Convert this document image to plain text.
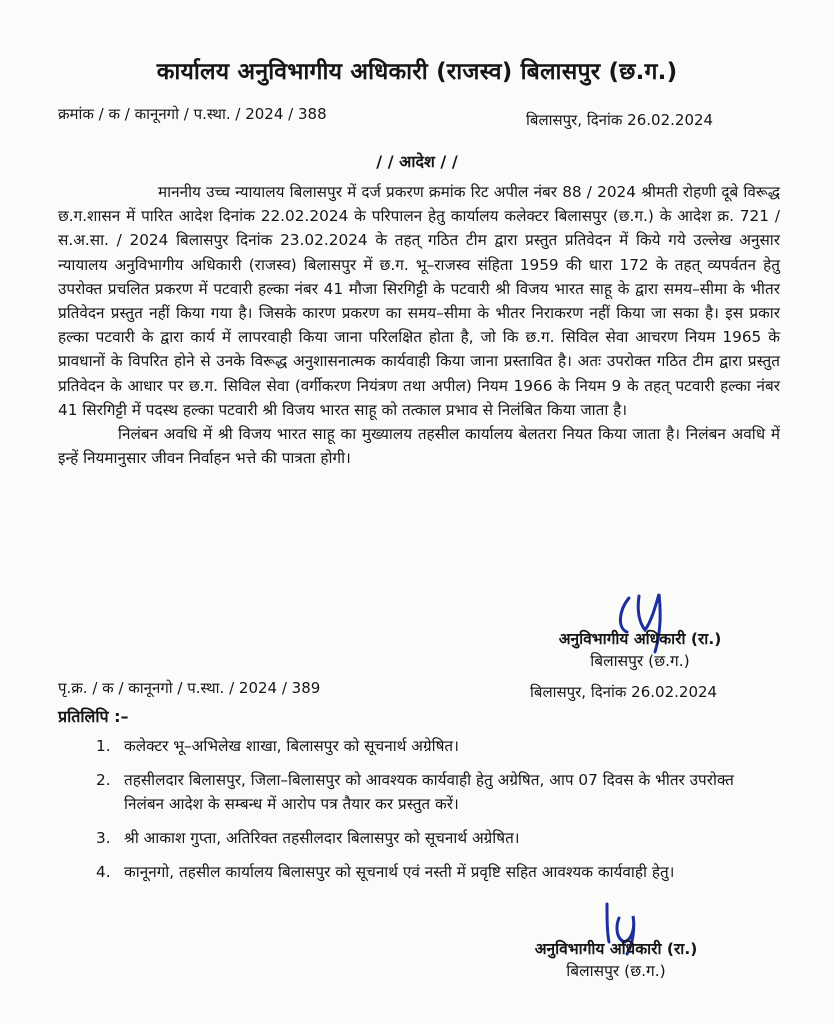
कार्यालय अनुविभागीय अधिकारी (राजस्व) बिलासपुर (छ.ग.)
क्रमांक / क / कानूनगो / प.स्था. / 2024 / 388	बिलासपुर, दिनांक 26.02.2024
/ / आदेश / /

माननीय उच्च न्यायालय बिलासपुर में दर्ज प्रकरण क्रमांक रिट अपील नंबर 88 / 2024 श्रीमती रोहणी दूबे विरूद्ध छ.ग.शासन में पारित आदेश दिनांक 22.02.2024 के परिपालन हेतु कार्यालय कलेक्टर बिलासपुर (छ.ग.) के आदेश क्र. 721 / स.अ.सा. / 2024 बिलासपुर दिनांक 23.02.2024 के तहत् गठित टीम द्वारा प्रस्तुत प्रतिवेदन में किये गये उल्लेख अनुसार न्यायालय अनुविभागीय अधिकारी (राजस्व) बिलासपुर में छ.ग. भू–राजस्व संहिता 1959 की धारा 172 के तहत् व्यपर्वतन हेतु उपरोक्त प्रचलित प्रकरण में पटवारी हल्का नंबर 41 मौजा सिरगिट्टी के पटवारी श्री विजय भारत साहू के द्वारा समय–सीमा के भीतर प्रतिवेदन प्रस्तुत नहीं किया गया है। जिसके कारण प्रकरण का समय–सीमा के भीतर निराकरण नहीं किया जा सका है। इस प्रकार हल्का पटवारी के द्वारा कार्य में लापरवाही किया जाना परिलक्षित होता है, जो कि छ.ग. सिविल सेवा आचरण नियम 1965 के प्रावधानों के विपरित होने से उनके विरूद्ध अनुशासनात्मक कार्यवाही किया जाना प्रस्तावित है। अतः उपरोक्त गठित टीम द्वारा प्रस्तुत प्रतिवेदन के आधार पर छ.ग. सिविल सेवा (वर्गीकरण नियंत्रण तथा अपील) नियम 1966 के नियम 9 के तहत् पटवारी हल्का नंबर 41 सिरगिट्टी में पदस्थ हल्का पटवारी श्री विजय भारत साहू को तत्काल प्रभाव से निलंबित किया जाता है।

निलंबन अवधि में श्री विजय भारत साहू का मुख्यालय तहसील कार्यालय बेलतरा नियत किया जाता है। निलंबन अवधि में इन्हें नियमानुसार जीवन निर्वाहन भत्ते की पात्रता होगी।

अनुविभागीय अधिकारी (रा.)
बिलासपुर (छ.ग.)
पृ.क्र. / क / कानूनगो / प.स्था. / 2024 / 389	बिलासपुर, दिनांक 26.02.2024
प्रतिलिपि :–
1. कलेक्टर भू–अभिलेख शाखा, बिलासपुर को सूचनार्थ अग्रेषित।
2. तहसीलदार बिलासपुर, जिला–बिलासपुर को आवश्यक कार्यवाही हेतु अग्रेषित, आप 07 दिवस के भीतर उपरोक्त निलंबन आदेश के सम्बन्ध में आरोप पत्र तैयार कर प्रस्तुत करें।
3. श्री आकाश गुप्ता, अतिरिक्त तहसीलदार बिलासपुर को सूचनार्थ अग्रेषित।
4. कानूनगो, तहसील कार्यालय बिलासपुर को सूचनार्थ एवं नस्ती में प्रवृष्टि सहित आवश्यक कार्यवाही हेतु।
अनुविभागीय अधिकारी (रा.)
बिलासपुर (छ.ग.)
